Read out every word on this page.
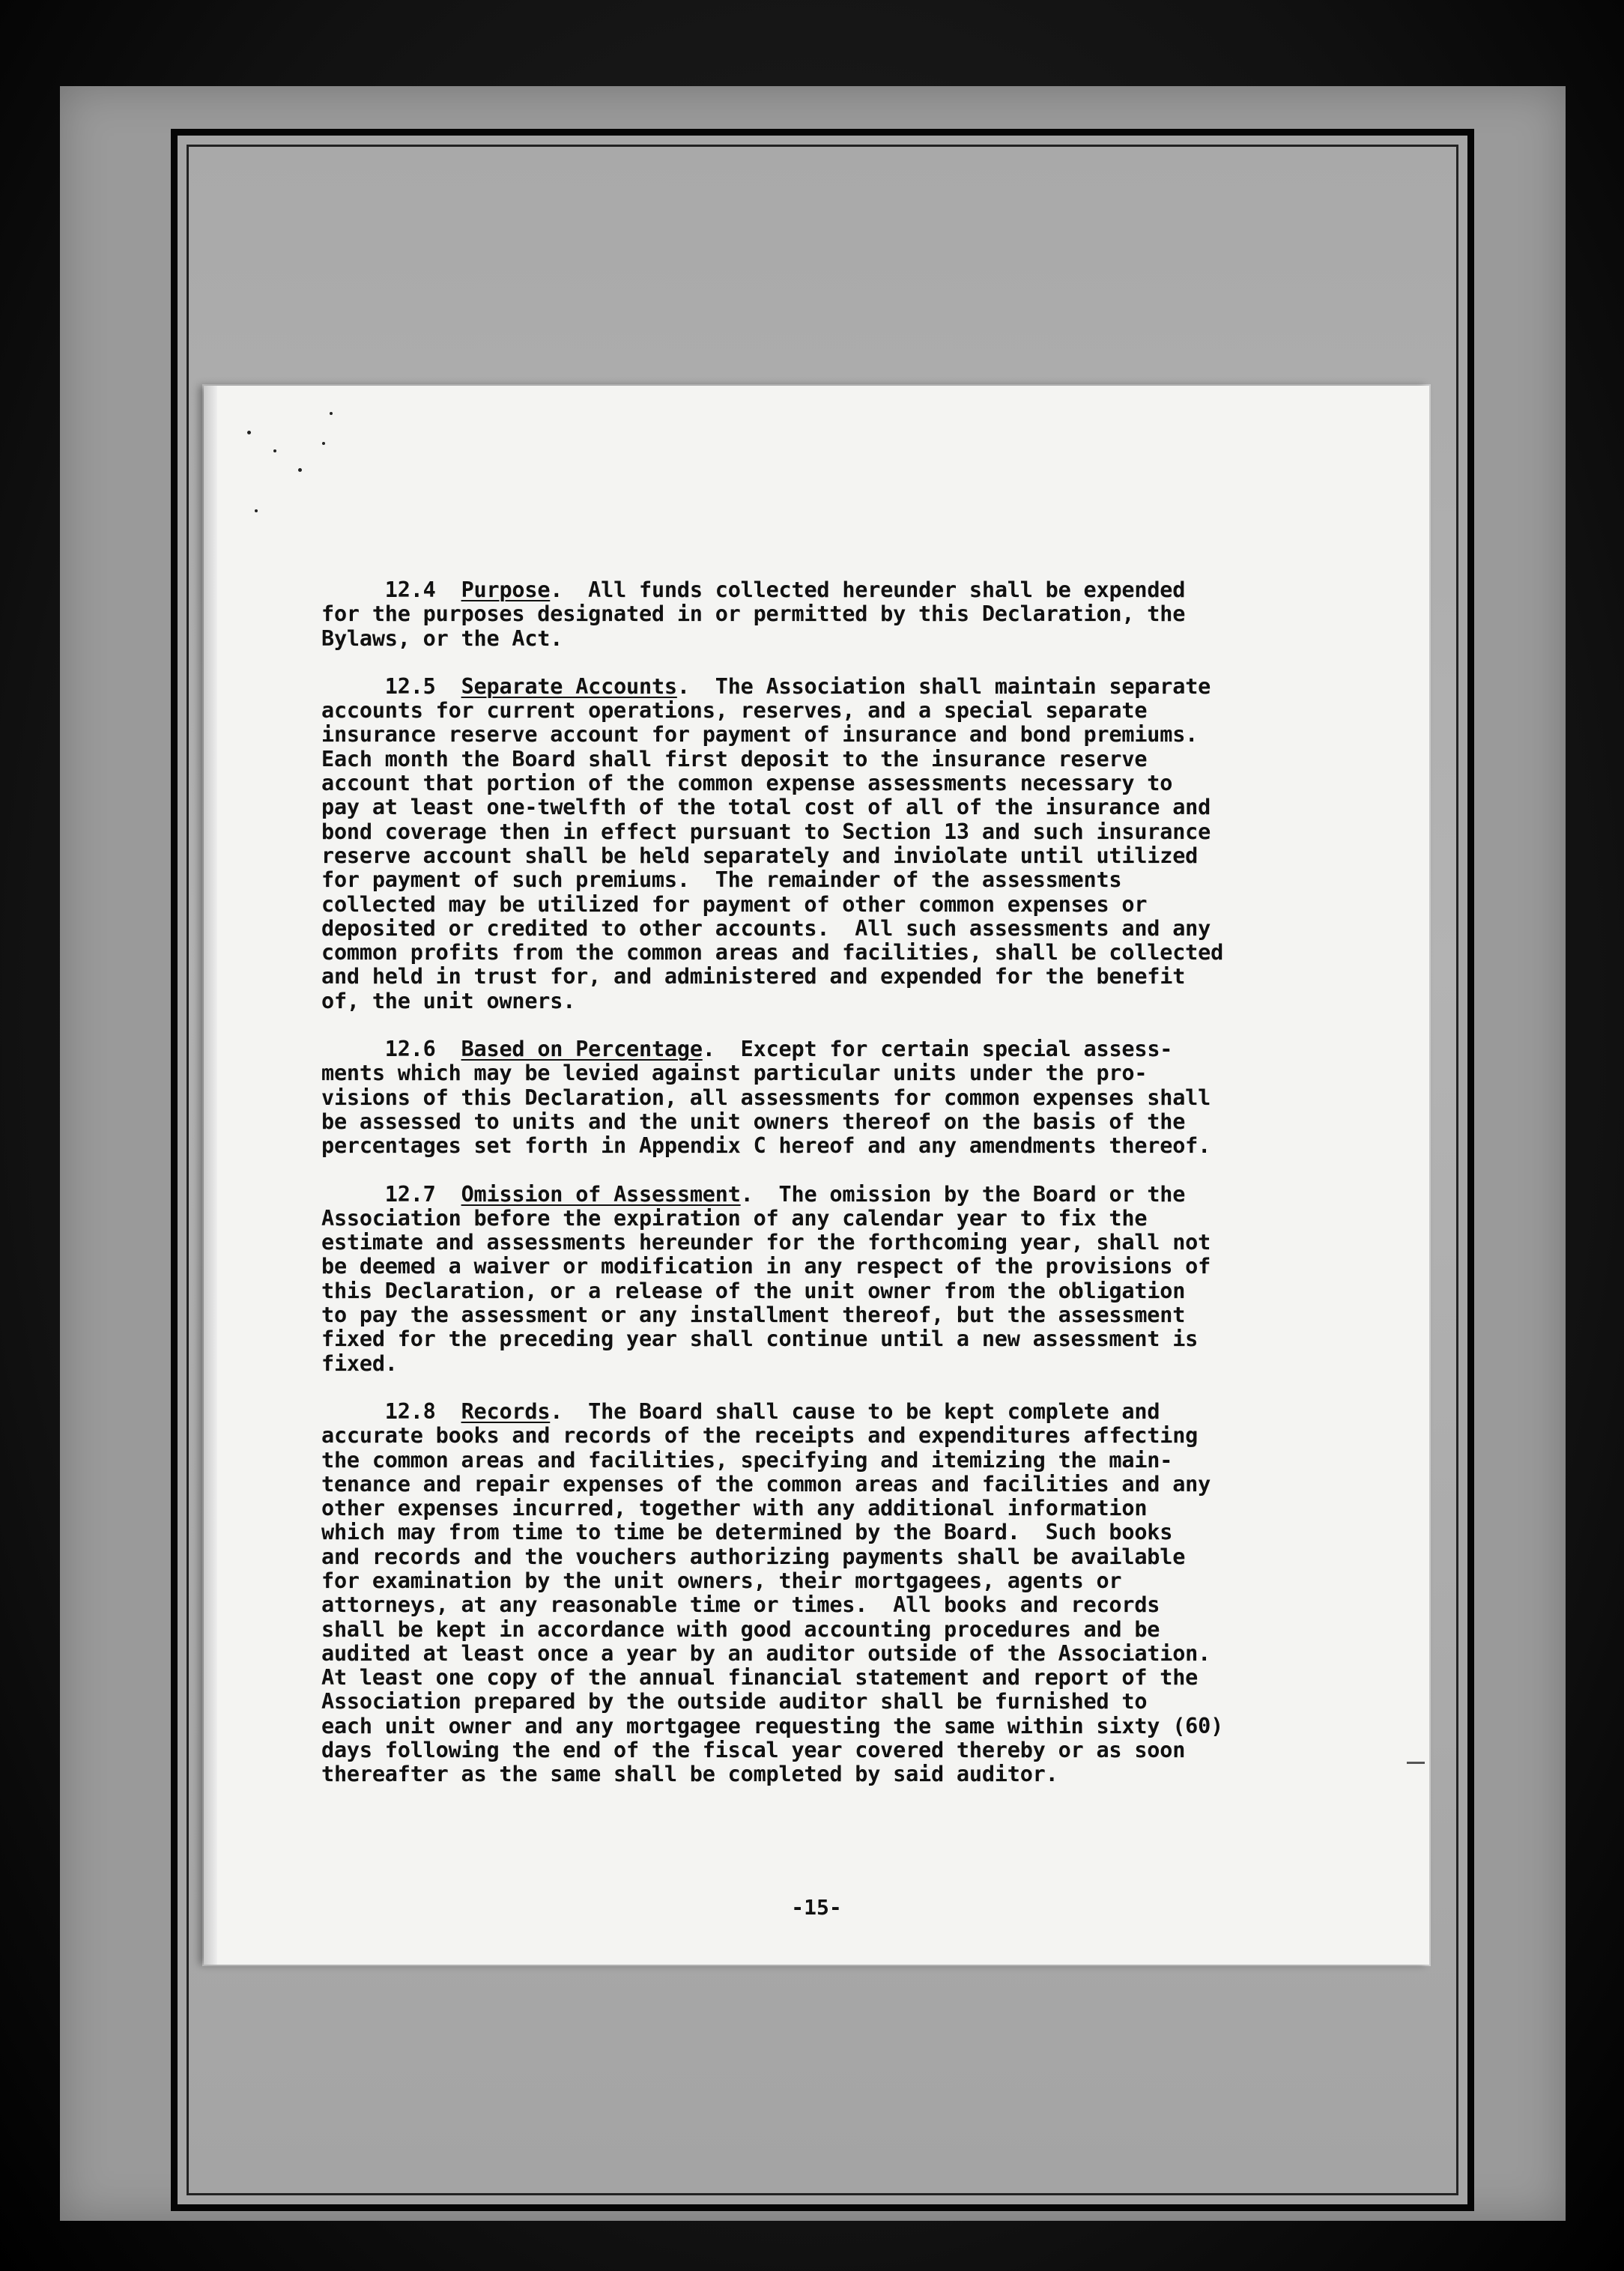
12.4 Purpose.  All funds collected hereunder shall be expended
for the purposes designated in or permitted by this Declaration, the
Bylaws, or the Act.
12.5 Separate Accounts.  The Association shall maintain separate
accounts for current operations, reserves, and a special separate
insurance reserve account for payment of insurance and bond premiums.
Each month the Board shall first deposit to the insurance reserve
account that portion of the common expense assessments necessary to
pay at least one-twelfth of the total cost of all of the insurance and
bond coverage then in effect pursuant to Section 13 and such insurance
reserve account shall be held separately and inviolate until utilized
for payment of such premiums.  The remainder of the assessments
collected may be utilized for payment of other common expenses or
deposited or credited to other accounts.  All such assessments and any
common profits from the common areas and facilities, shall be collected
and held in trust for, and administered and expended for the benefit
of, the unit owners.
12.6 Based on Percentage.  Except for certain special assess-
ments which may be levied against particular units under the pro-
visions of this Declaration, all assessments for common expenses shall
be assessed to units and the unit owners thereof on the basis of the
percentages set forth in Appendix C hereof and any amendments thereof.
12.7 Omission of Assessment.  The omission by the Board or the
Association before the expiration of any calendar year to fix the
estimate and assessments hereunder for the forthcoming year, shall not
be deemed a waiver or modification in any respect of the provisions of
this Declaration, or a release of the unit owner from the obligation
to pay the assessment or any installment thereof, but the assessment
fixed for the preceding year shall continue until a new assessment is
fixed.
12.8 Records.  The Board shall cause to be kept complete and
accurate books and records of the receipts and expenditures affecting
the common areas and facilities, specifying and itemizing the main-
tenance and repair expenses of the common areas and facilities and any
other expenses incurred, together with any additional information
which may from time to time be determined by the Board.  Such books
and records and the vouchers authorizing payments shall be available
for examination by the unit owners, their mortgagees, agents or
attorneys, at any reasonable time or times.  All books and records
shall be kept in accordance with good accounting procedures and be
audited at least once a year by an auditor outside of the Association.
At least one copy of the annual financial statement and report of the
Association prepared by the outside auditor shall be furnished to
each unit owner and any mortgagee requesting the same within sixty (60)
days following the end of the fiscal year covered thereby or as soon
thereafter as the same shall be completed by said auditor.
-15-
